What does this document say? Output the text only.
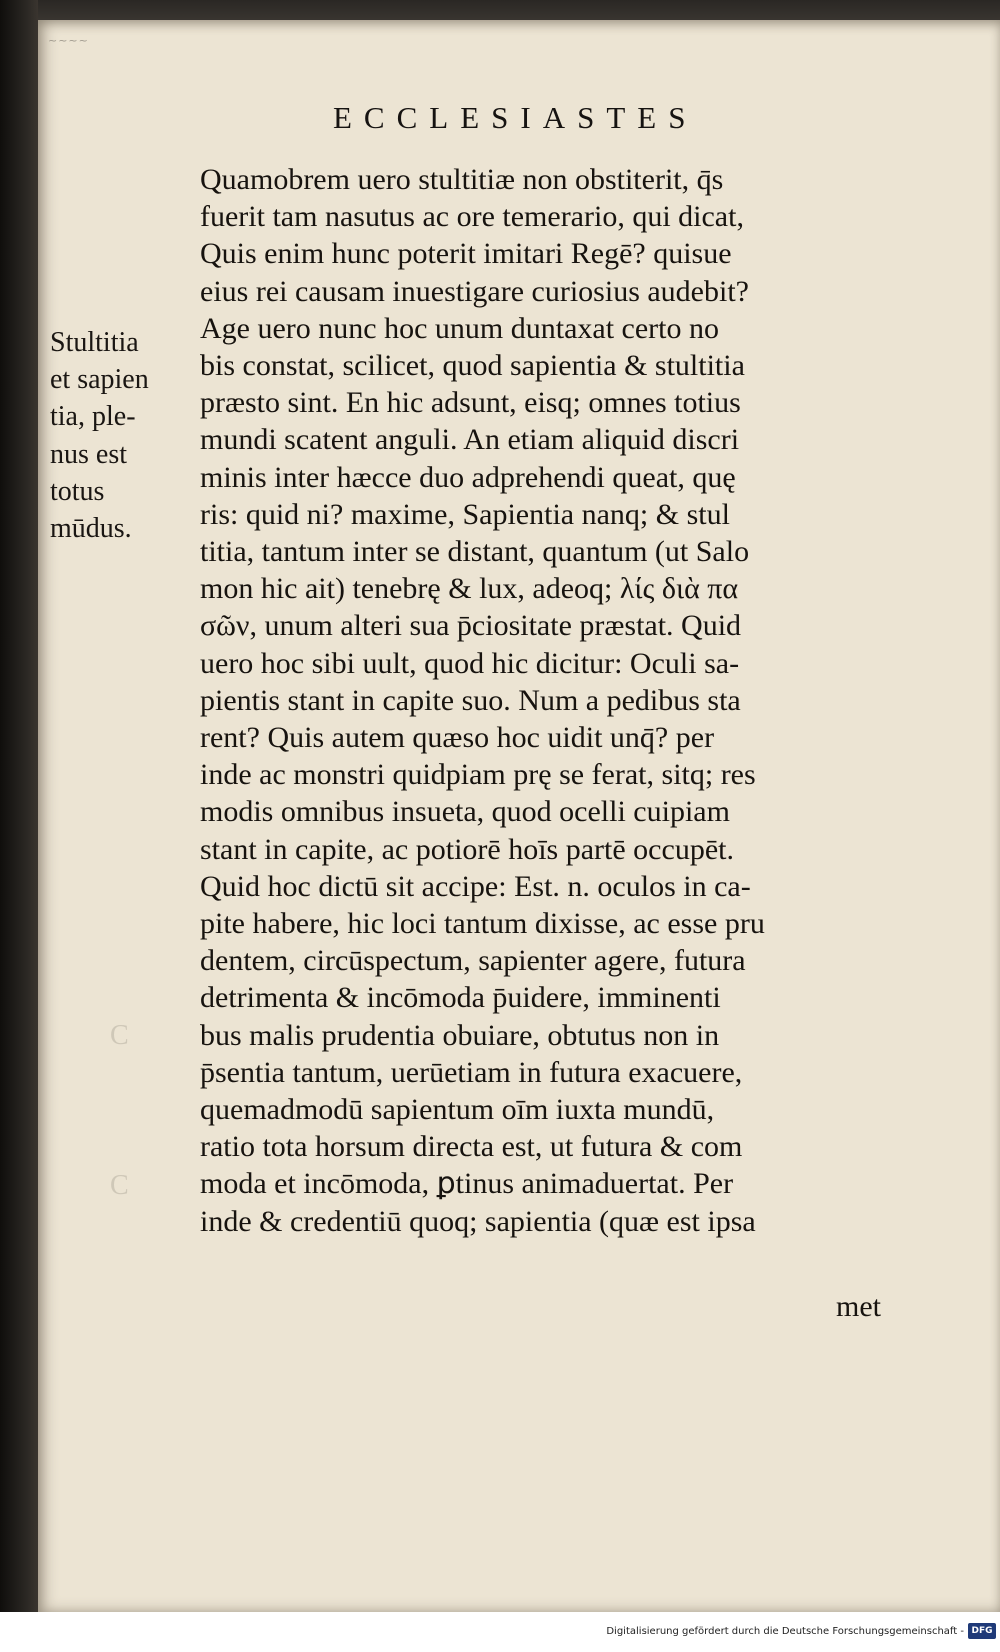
~~~~
C
C
ECCLESIASTES
Stultitia
et sapien
tia, ple-
nus est
totus
mūdus.
Quamobrem uero stultitiæ non obstiterit, q̄s
fuerit tam nasutus ac ore temerario, qui dicat,
Quis enim hunc poterit imitari Regē? quisue
eius rei causam inuestigare curiosius audebit?
Age uero nunc hoc unum duntaxat certo no
bis constat, scilicet, quod sapientia & stultitia
præsto sint. En hic adsunt, eisq; omnes totius
mundi scatent anguli. An etiam aliquid discri
minis inter hæcce duo adprehendi queat, quę
ris: quid ni? maxime, Sapientia nanq; & stul
titia, tantum inter se distant, quantum (ut Salo
mon hic ait) tenebrę & lux, adeoq; λίς διὰ πα
σῶν, unum alteri sua p̄ciositate præstat. Quid
uero hoc sibi uult, quod hic dicitur: Oculi sa-
pientis stant in capite suo. Num a pedibus sta
rent? Quis autem quæso hoc uidit unq̄? per
inde ac monstri quidpiam prę se ferat, sitq; res
modis omnibus insueta, quod ocelli cuipiam
stant in capite, ac potiorē hoīs partē occupēt.
Quid hoc dictū sit accipe: Est. n. oculos in ca-
pite habere, hic loci tantum dixisse, ac esse pru
dentem, circūspectum, sapienter agere, futura
detrimenta & incōmoda p̄uidere, imminenti
bus malis prudentia obuiare, obtutus non in
p̄sentia tantum, uerūetiam in futura exacuere,
quemadmodū sapientum oīm iuxta mundū,
ratio tota horsum directa est, ut futura & com
moda et incōmoda, ꝑtinus animaduertat. Per
inde & credentiū quoq; sapientia (quæ est ipsa
met
Digitalisierung gefördert durch die Deutsche Forschungsgemeinschaft - DFG
